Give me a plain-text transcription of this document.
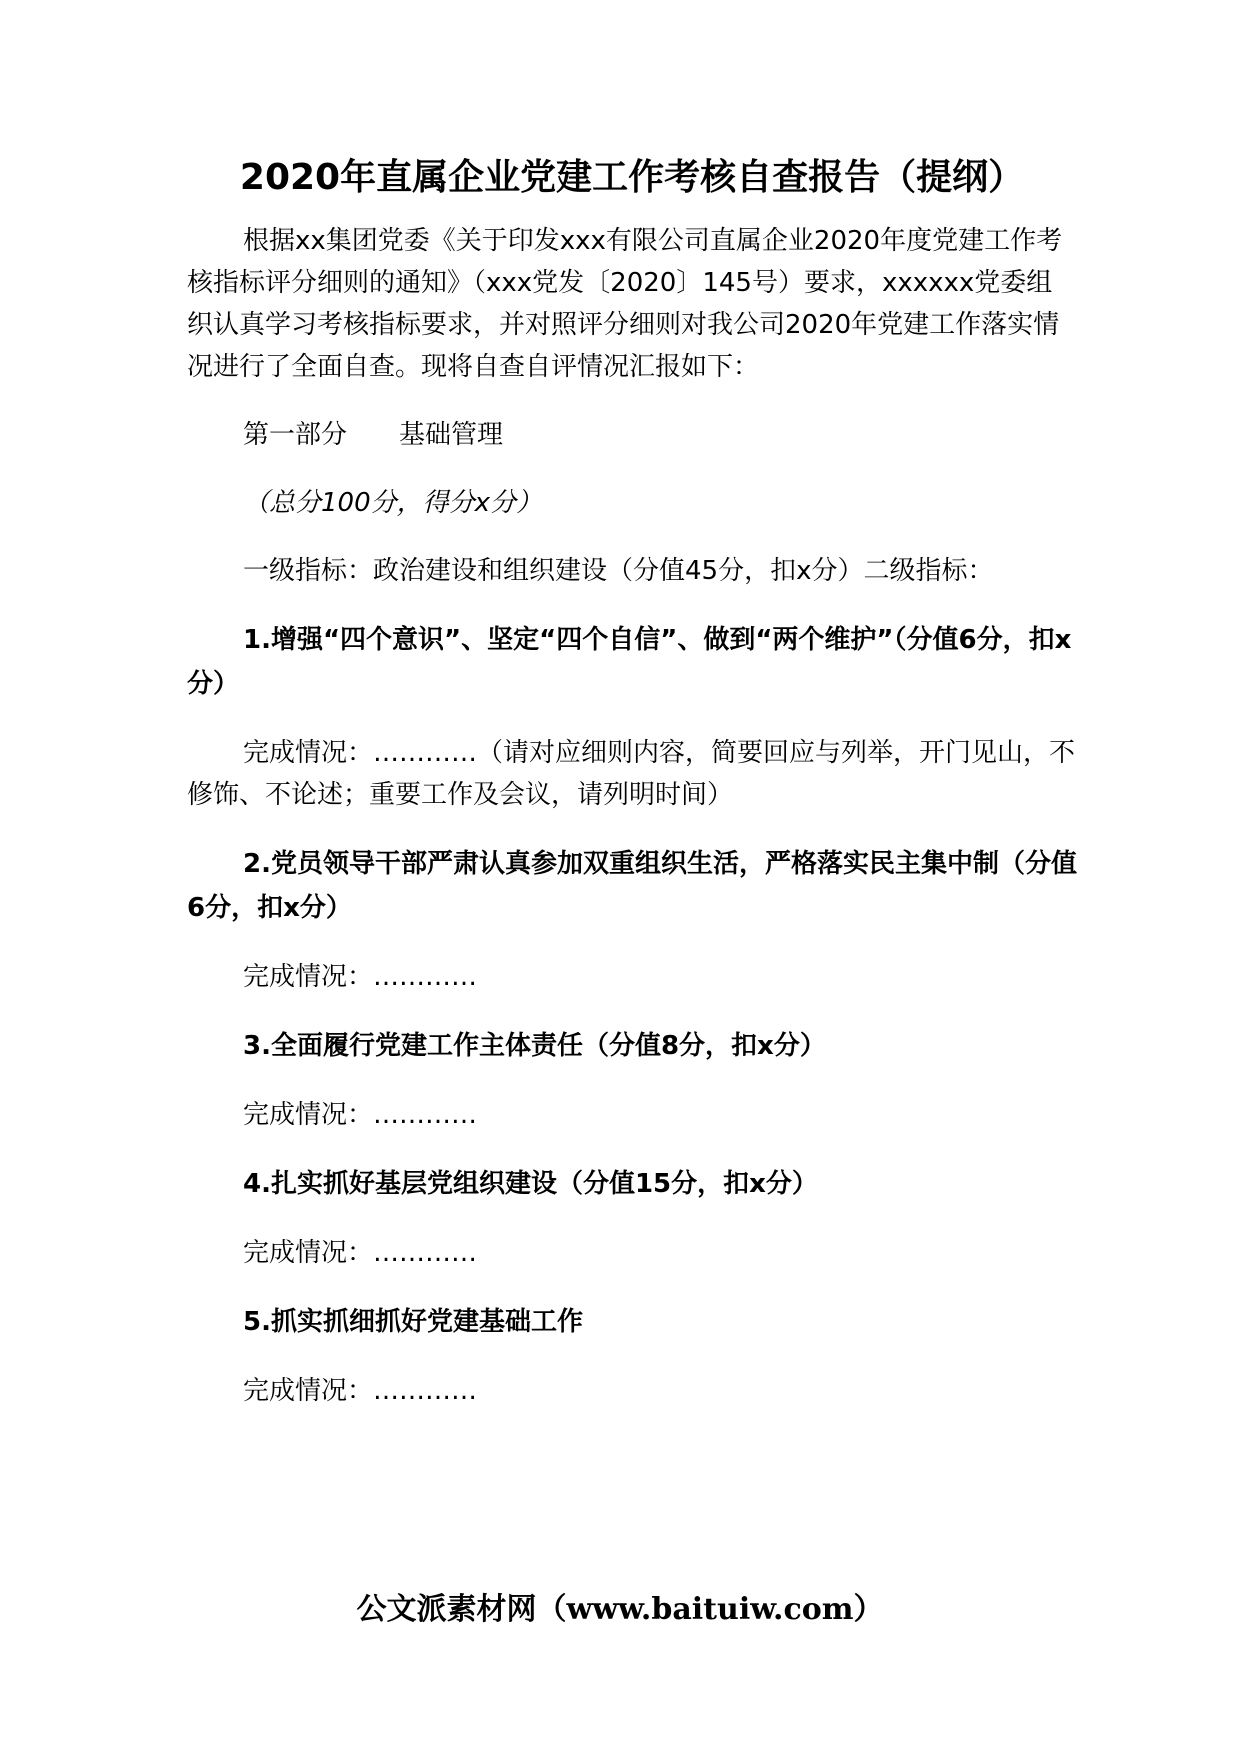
2020年直属企业党建工作考核自查报告（提纲）
根据xx集团党委《关于印发xxx有限公司直属企业2020年度党建工作考核指标评分细则的通知》（xxx党发〔2020〕145号）要求，xxxxxx党委组织认真学习考核指标要求，并对照评分细则对我公司2020年党建工作落实情况进行了全面自查。现将自查自评情况汇报如下：
第一部分　　基础管理
（总分100分，得分x分）
一级指标：政治建设和组织建设（分值45分，扣x分）二级指标：
1.增强“四个意识”、坚定“四个自信”、做到“两个维护”（分值6分，扣x分）
完成情况：…………（请对应细则内容，简要回应与列举，开门见山，不修饰、不论述；重要工作及会议，请列明时间）
2.党员领导干部严肃认真参加双重组织生活，严格落实民主集中制（分值6分，扣x分）
完成情况：…………
3.全面履行党建工作主体责任（分值8分，扣x分）
完成情况：…………
4.扎实抓好基层党组织建设（分值15分，扣x分）
完成情况：…………
5.抓实抓细抓好党建基础工作
完成情况：…………
公文派素材网（www.baituiw.com）
